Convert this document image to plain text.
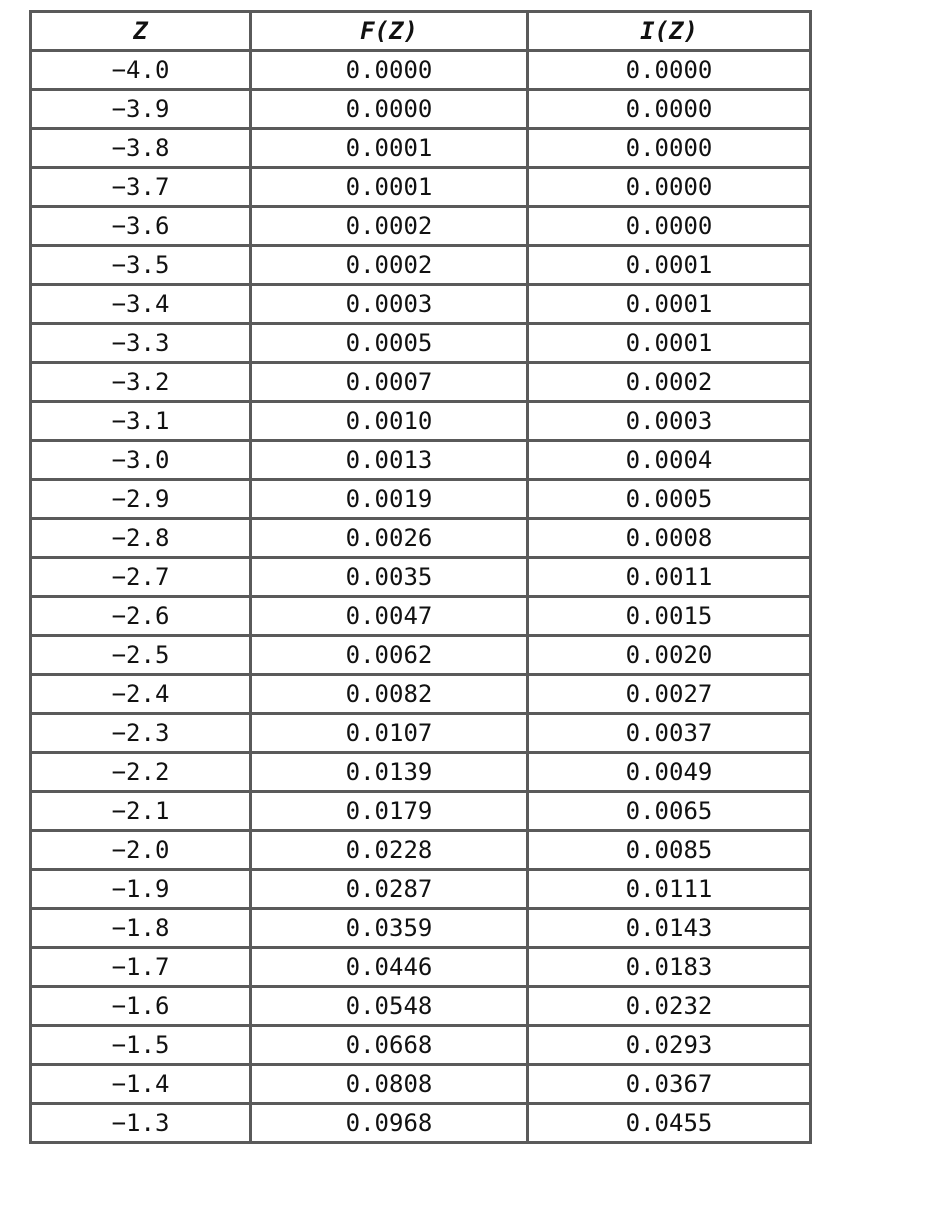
Z	F(Z)	I(Z)
−4.0	0.0000	0.0000
−3.9	0.0000	0.0000
−3.8	0.0001	0.0000
−3.7	0.0001	0.0000
−3.6	0.0002	0.0000
−3.5	0.0002	0.0001
−3.4	0.0003	0.0001
−3.3	0.0005	0.0001
−3.2	0.0007	0.0002
−3.1	0.0010	0.0003
−3.0	0.0013	0.0004
−2.9	0.0019	0.0005
−2.8	0.0026	0.0008
−2.7	0.0035	0.0011
−2.6	0.0047	0.0015
−2.5	0.0062	0.0020
−2.4	0.0082	0.0027
−2.3	0.0107	0.0037
−2.2	0.0139	0.0049
−2.1	0.0179	0.0065
−2.0	0.0228	0.0085
−1.9	0.0287	0.0111
−1.8	0.0359	0.0143
−1.7	0.0446	0.0183
−1.6	0.0548	0.0232
−1.5	0.0668	0.0293
−1.4	0.0808	0.0367
−1.3	0.0968	0.0455
